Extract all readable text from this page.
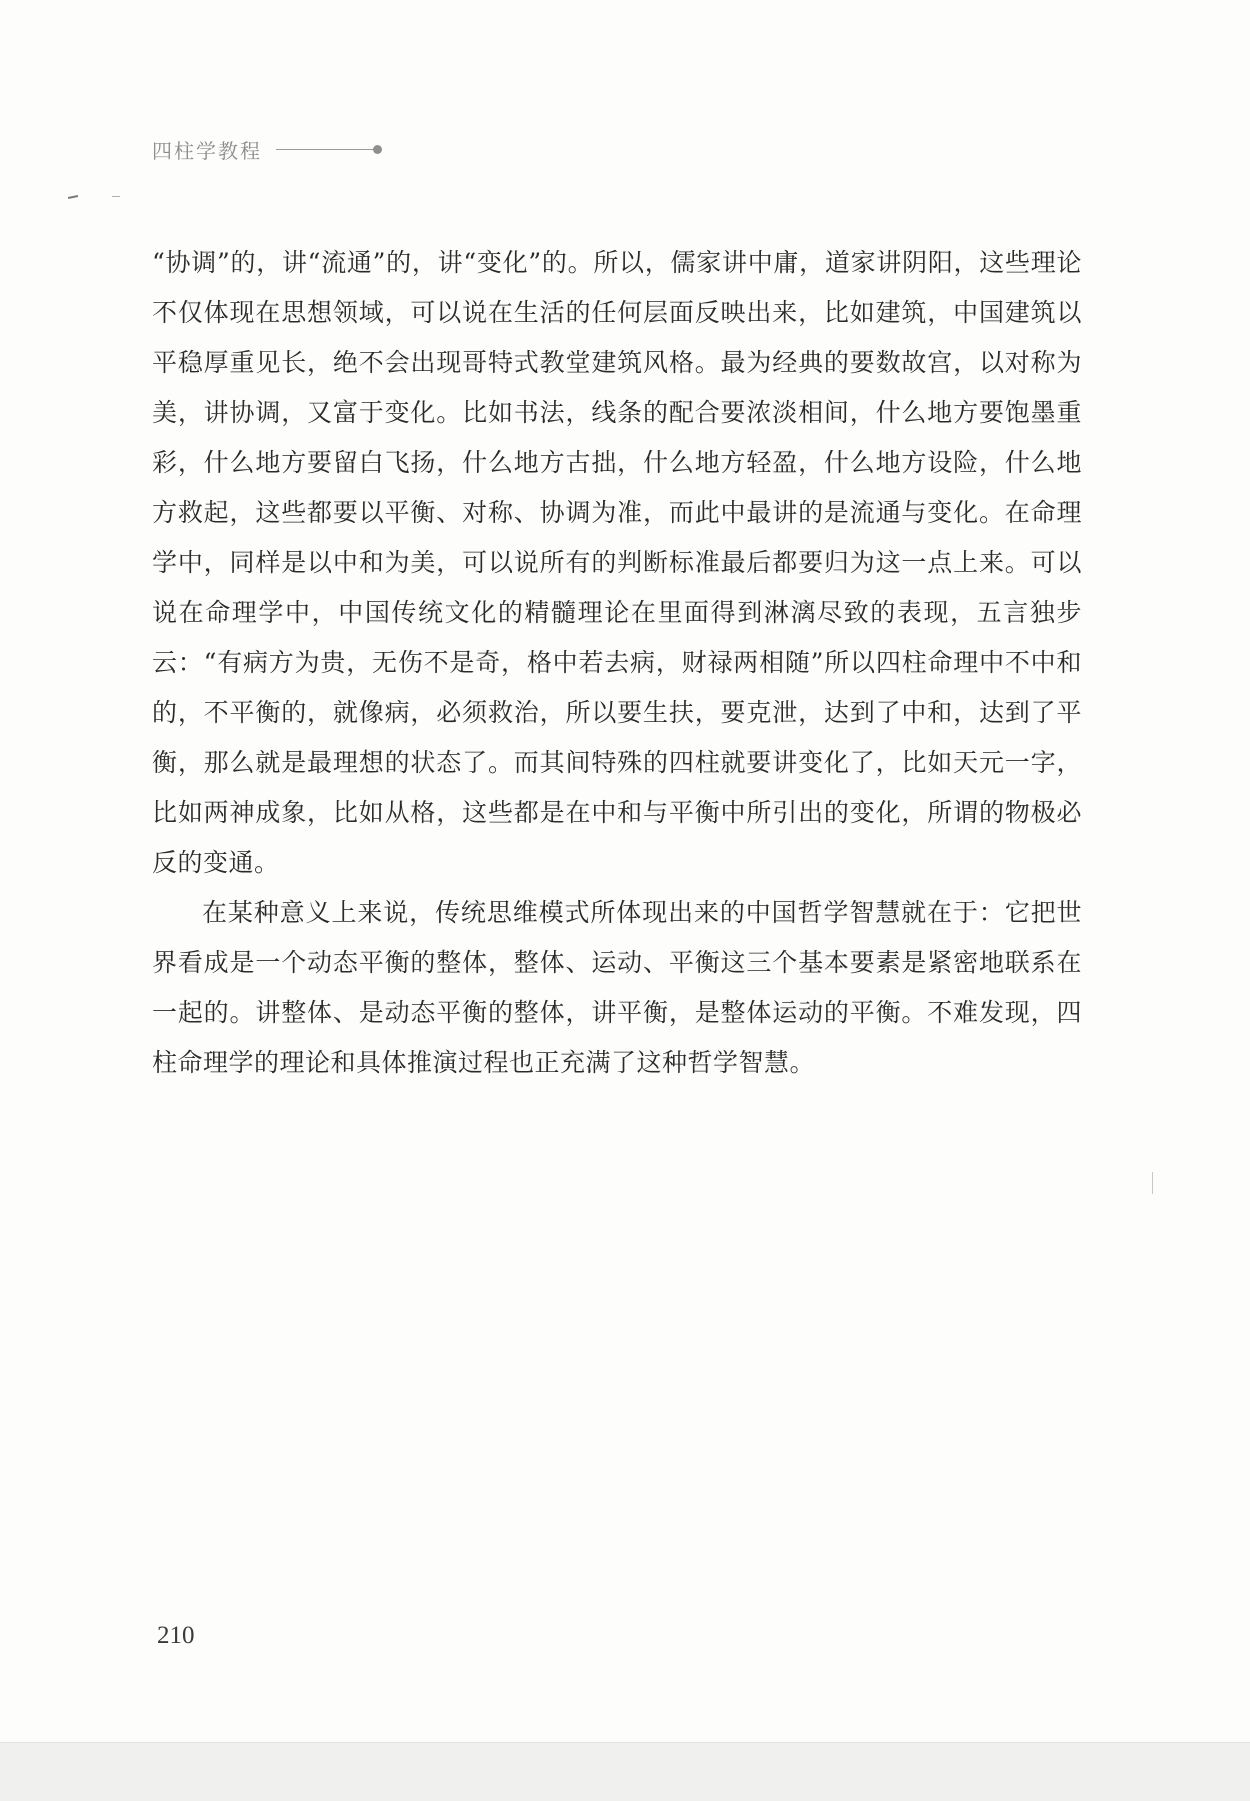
四柱学教程

“协调”的，讲“流通”的，讲“变化”的。所以，儒家讲中庸，道家讲阴阳，这些理论不仅体现在思想领域，可以说在生活的任何层面反映出来，比如建筑，中国建筑以平稳厚重见长，绝不会出现哥特式教堂建筑风格。最为经典的要数故宫，以对称为美，讲协调，又富于变化。比如书法，线条的配合要浓淡相间，什么地方要饱墨重彩，什么地方要留白飞扬，什么地方古拙，什么地方轻盈，什么地方设险，什么地方救起，这些都要以平衡、对称、协调为准，而此中最讲的是流通与变化。在命理学中，同样是以中和为美，可以说所有的判断标准最后都要归为这一点上来。可以说在命理学中，中国传统文化的精髓理论在里面得到淋漓尽致的表现，五言独步云：“有病方为贵，无伤不是奇，格中若去病，财禄两相随”所以四柱命理中不中和的，不平衡的，就像病，必须救治，所以要生扶，要克泄，达到了中和，达到了平衡，那么就是最理想的状态了。而其间特殊的四柱就要讲变化了，比如天元一字，比如两神成象，比如从格，这些都是在中和与平衡中所引出的变化，所谓的物极必反的变通。

在某种意义上来说，传统思维模式所体现出来的中国哲学智慧就在于：它把世界看成是一个动态平衡的整体，整体、运动、平衡这三个基本要素是紧密地联系在一起的。讲整体、是动态平衡的整体，讲平衡，是整体运动的平衡。不难发现，四柱命理学的理论和具体推演过程也正充满了这种哲学智慧。

210
